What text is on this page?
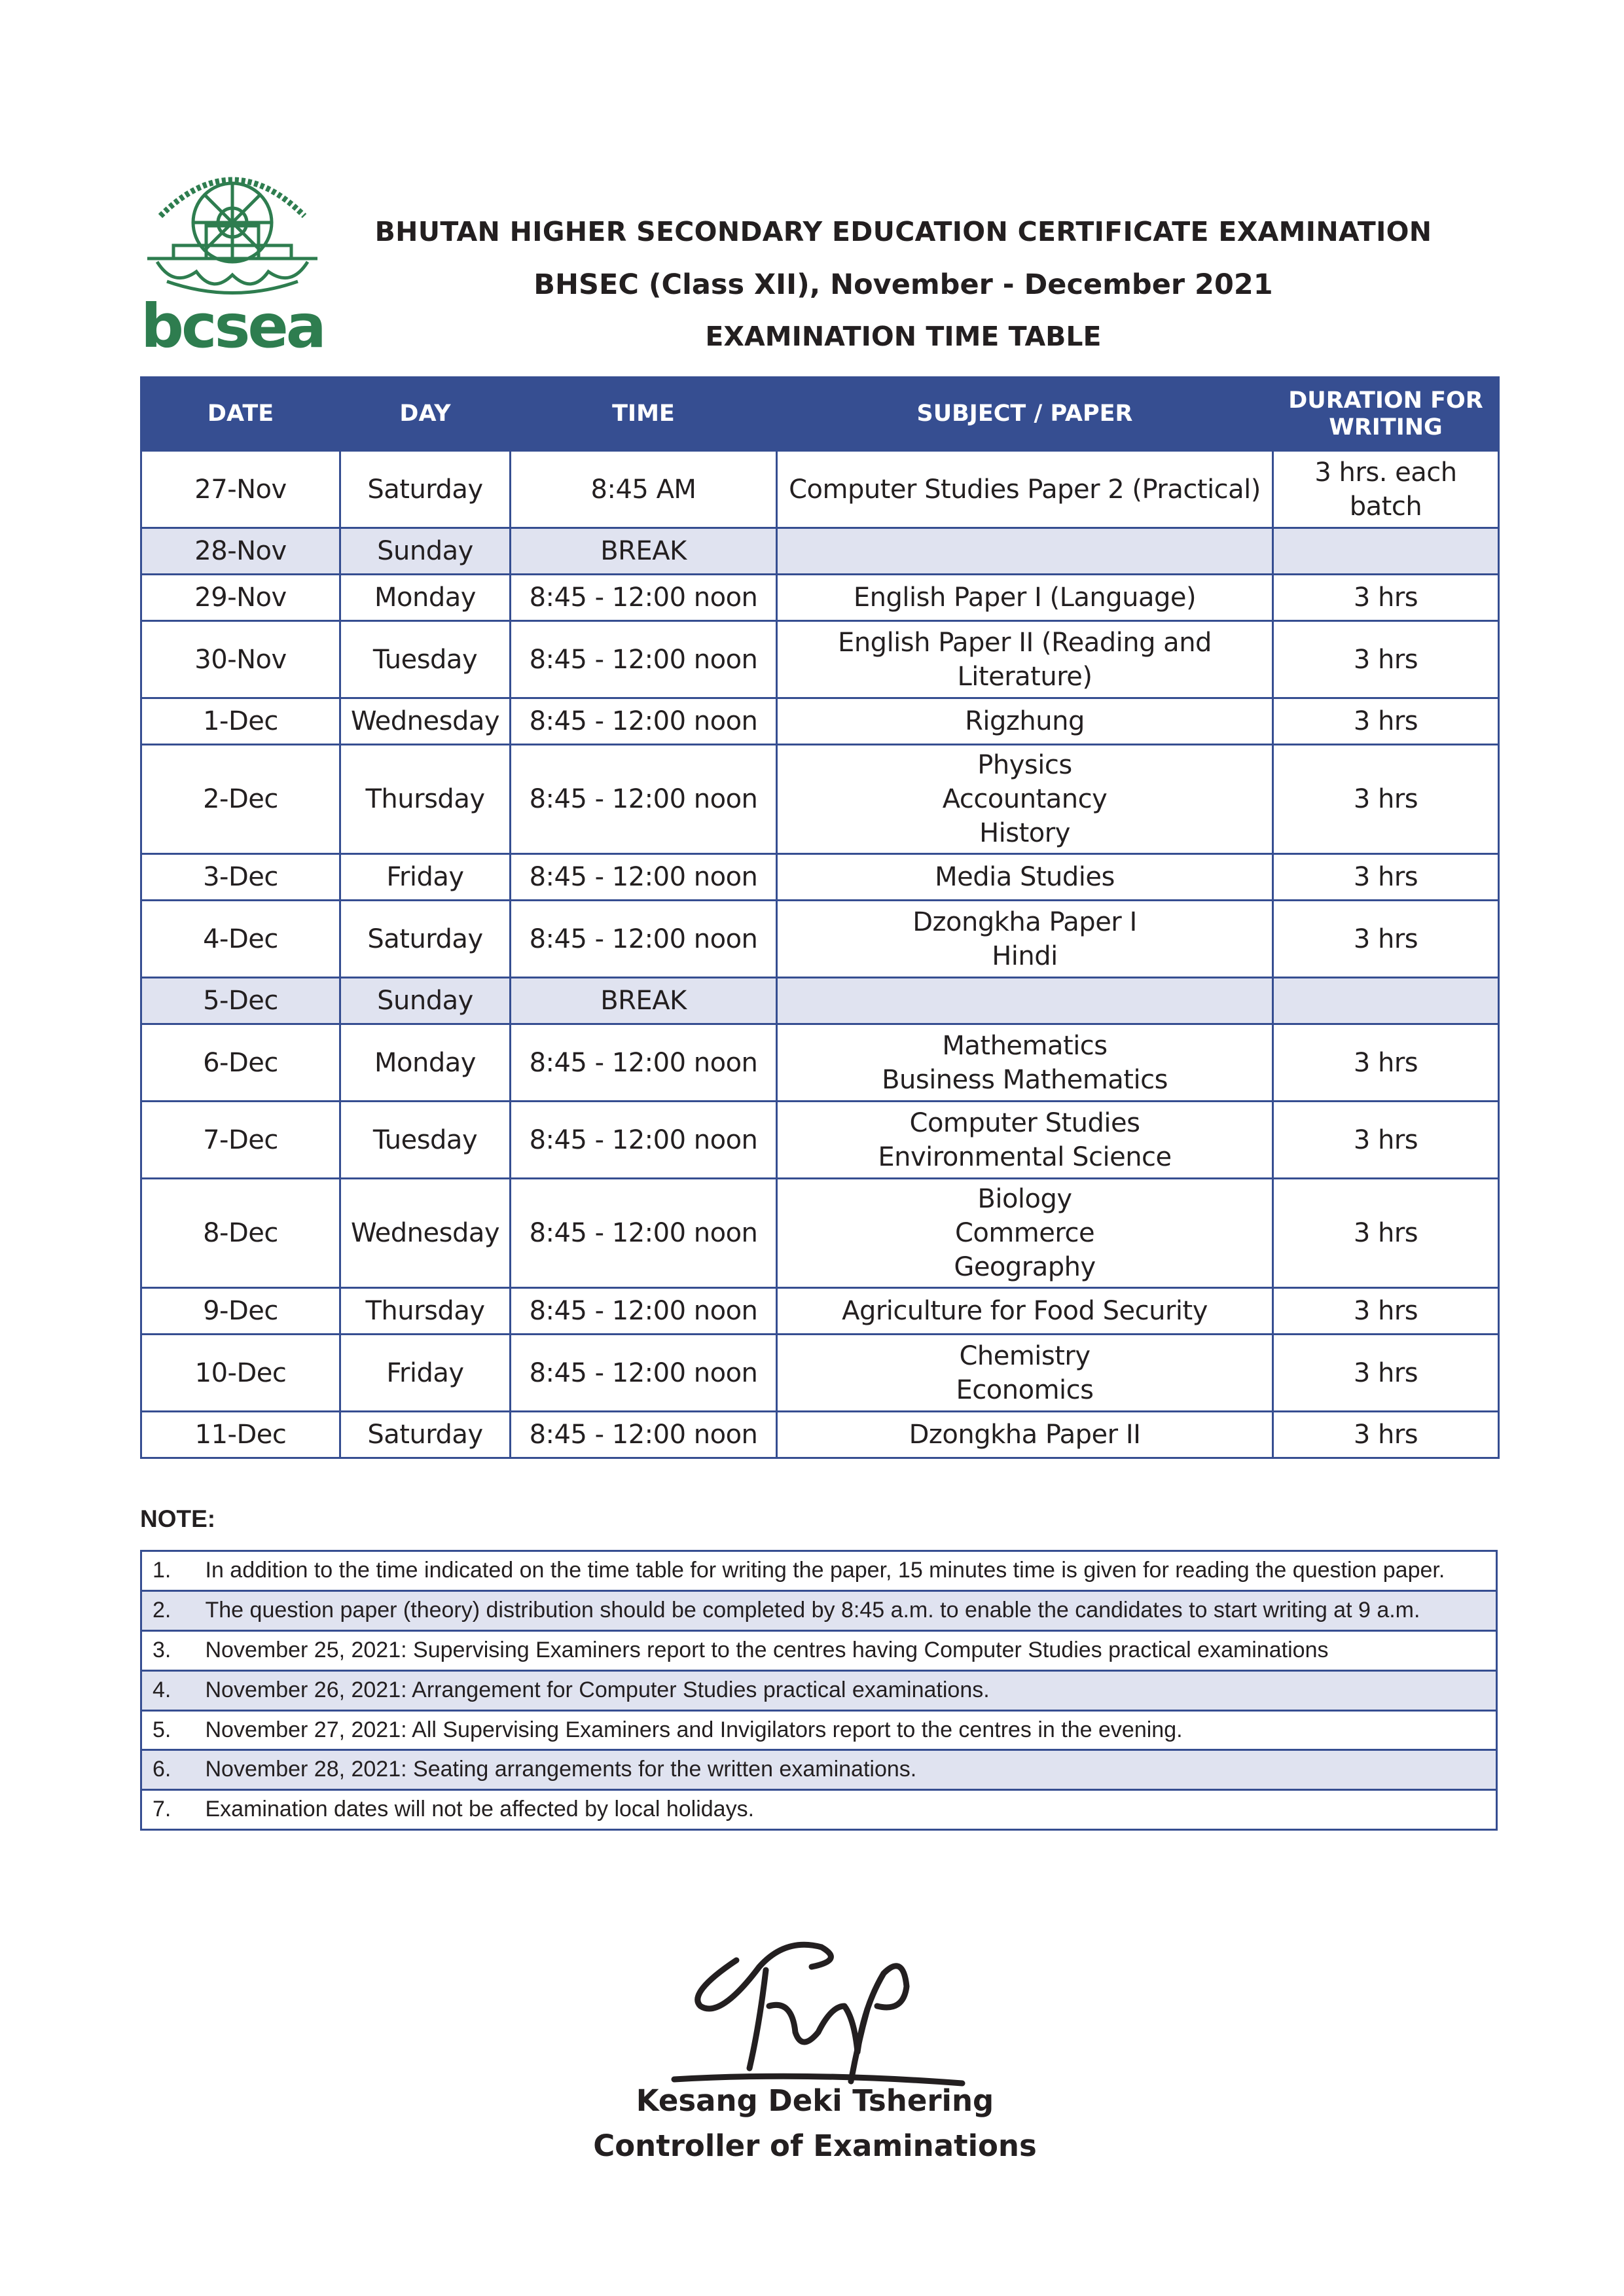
bcsea
BHUTAN HIGHER SECONDARY EDUCATION CERTIFICATE EXAMINATION
BHSEC (Class XII), November - December 2021
EXAMINATION TIME TABLE
DATE	DAY	TIME	SUBJECT / PAPER	DURATION FOR WRITING
27-Nov	Saturday	8:45 AM	Computer Studies Paper 2 (Practical)	3 hrs. each batch
28-Nov	Sunday	BREAK		
29-Nov	Monday	8:45 - 12:00 noon	English Paper I (Language)	3 hrs
30-Nov	Tuesday	8:45 - 12:00 noon	English Paper II (Reading and Literature)	3 hrs
1-Dec	Wednesday	8:45 - 12:00 noon	Rigzhung	3 hrs
2-Dec	Thursday	8:45 - 12:00 noon	Physics
Accountancy
History	3 hrs
3-Dec	Friday	8:45 - 12:00 noon	Media Studies	3 hrs
4-Dec	Saturday	8:45 - 12:00 noon	Dzongkha Paper I
Hindi	3 hrs
5-Dec	Sunday	BREAK		
6-Dec	Monday	8:45 - 12:00 noon	Mathematics
Business Mathematics	3 hrs
7-Dec	Tuesday	8:45 - 12:00 noon	Computer Studies
Environmental Science	3 hrs
8-Dec	Wednesday	8:45 - 12:00 noon	Biology
Commerce
Geography	3 hrs
9-Dec	Thursday	8:45 - 12:00 noon	Agriculture for Food Security	3 hrs
10-Dec	Friday	8:45 - 12:00 noon	Chemistry
Economics	3 hrs
11-Dec	Saturday	8:45 - 12:00 noon	Dzongkha Paper II	3 hrs
NOTE:
1.	In addition to the time indicated on the time table for writing the paper, 15 minutes time is given for reading the question paper.
2.	The question paper (theory) distribution should be completed by 8:45 a.m. to enable the candidates to start writing at 9 a.m.
3.	November 25, 2021: Supervising Examiners report to the centres having Computer Studies practical examinations
4.	November 26, 2021: Arrangement for Computer Studies practical examinations.
5.	November 27, 2021: All Supervising Examiners and Invigilators report to the centres in the evening.
6.	November 28, 2021: Seating arrangements for the written examinations.
7.	Examination dates will not be affected by local holidays.
Kesang Deki Tshering
Controller of Examinations
